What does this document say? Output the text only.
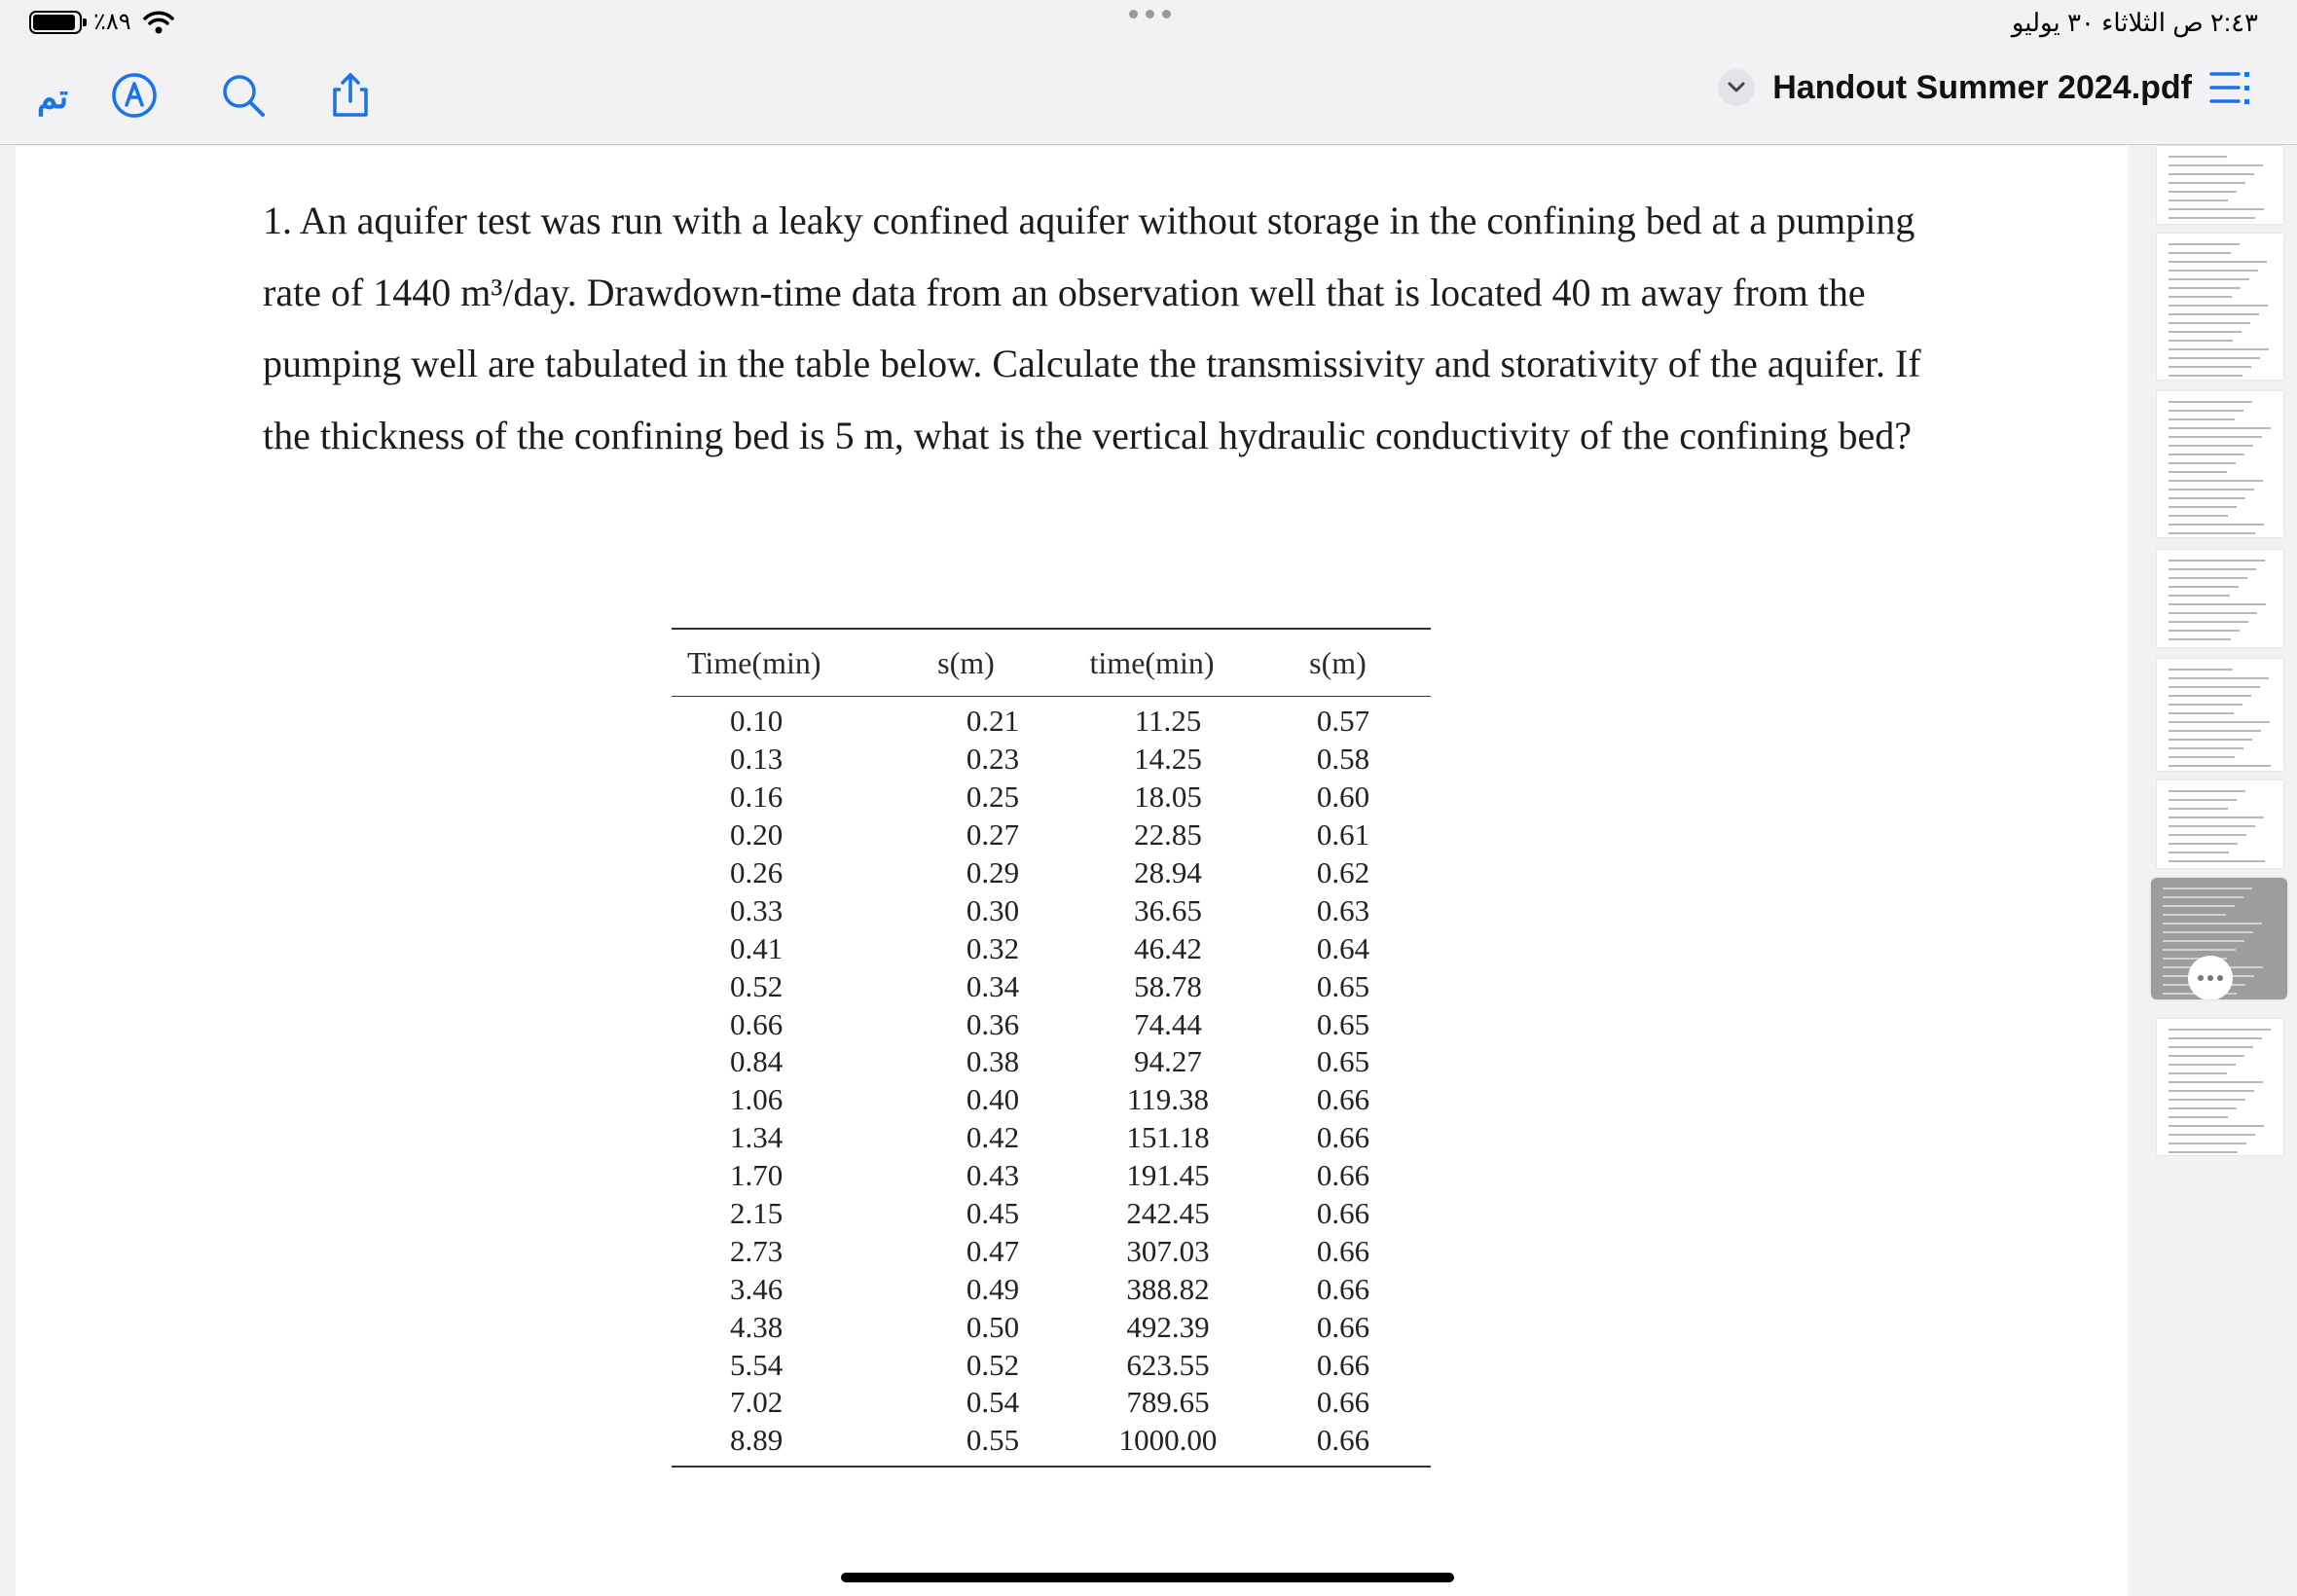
٪٨٩	٢:٤٣ ص الثلاثاء ٣٠ يوليو
تم	Handout Summer 2024.pdf
1. An aquifer test was run with a leaky confined aquifer without storage in the confining bed at a pumping rate of 1440 m³/day. Drawdown-time data from an observation well that is located 40 m away from the pumping well are tabulated in the table below. Calculate the transmissivity and storativity of the aquifer. If the thickness of the confining bed is 5 m, what is the vertical hydraulic conductivity of the confining bed?
Time(min)	s(m)	time(min)	s(m)
0.10	0.21	11.25	0.57
0.13	0.23	14.25	0.58
0.16	0.25	18.05	0.60
0.20	0.27	22.85	0.61
0.26	0.29	28.94	0.62
0.33	0.30	36.65	0.63
0.41	0.32	46.42	0.64
0.52	0.34	58.78	0.65
0.66	0.36	74.44	0.65
0.84	0.38	94.27	0.65
1.06	0.40	119.38	0.66
1.34	0.42	151.18	0.66
1.70	0.43	191.45	0.66
2.15	0.45	242.45	0.66
2.73	0.47	307.03	0.66
3.46	0.49	388.82	0.66
4.38	0.50	492.39	0.66
5.54	0.52	623.55	0.66
7.02	0.54	789.65	0.66
8.89	0.55	1000.00	0.66
